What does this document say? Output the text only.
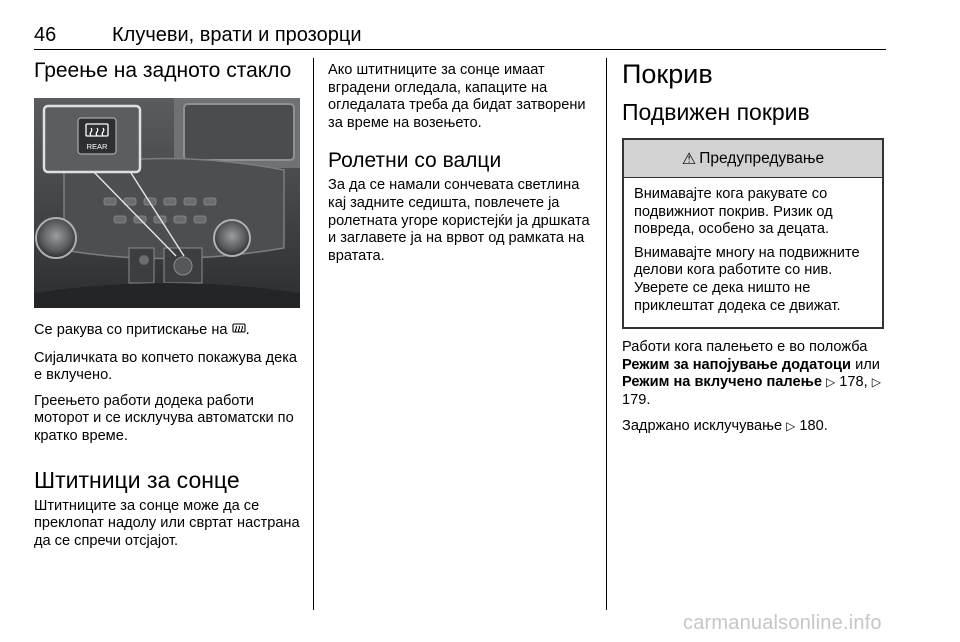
46	Клучеви, врати и прозорци
Греење на задното стакло
REAR

Се ракува со притискање на .

Сијаличката во копчето покажува дека е вклучено.

Греењето работи додека работи моторот и се исклучува автоматски по кратко време.

Штитници за сонце

Штитниците за сонце може да се преклопат надолу или свртат настрана да се спречи отсјајот.

Ако штитниците за сонце имаат вградени огледала, капаците на огледалата треба да бидат затворени за време на возењето.

Ролетни со валци

За да се намали сончевата светлина кај задните седишта, повлечете ја ролетната угоре користејќи ја дршката и заглавете ја на врвот од рамката на вратата.

Покрив
Подвижен покрив
⚠ Предупредување

Внимавајте кога ракувате со подвижниот покрив. Ризик од повреда, особено за децата.

Внимавајте многу на подвижните делови кога работите со нив. Уверете се дека ништо не приклештат додека се движат.

Работи кога палењето е во положба Режим за напојување додатоци или Режим на вклучено палење ▷ 178, ▷ 179.

Задржано исклучување ▷ 180.

carmanualsonline.info
